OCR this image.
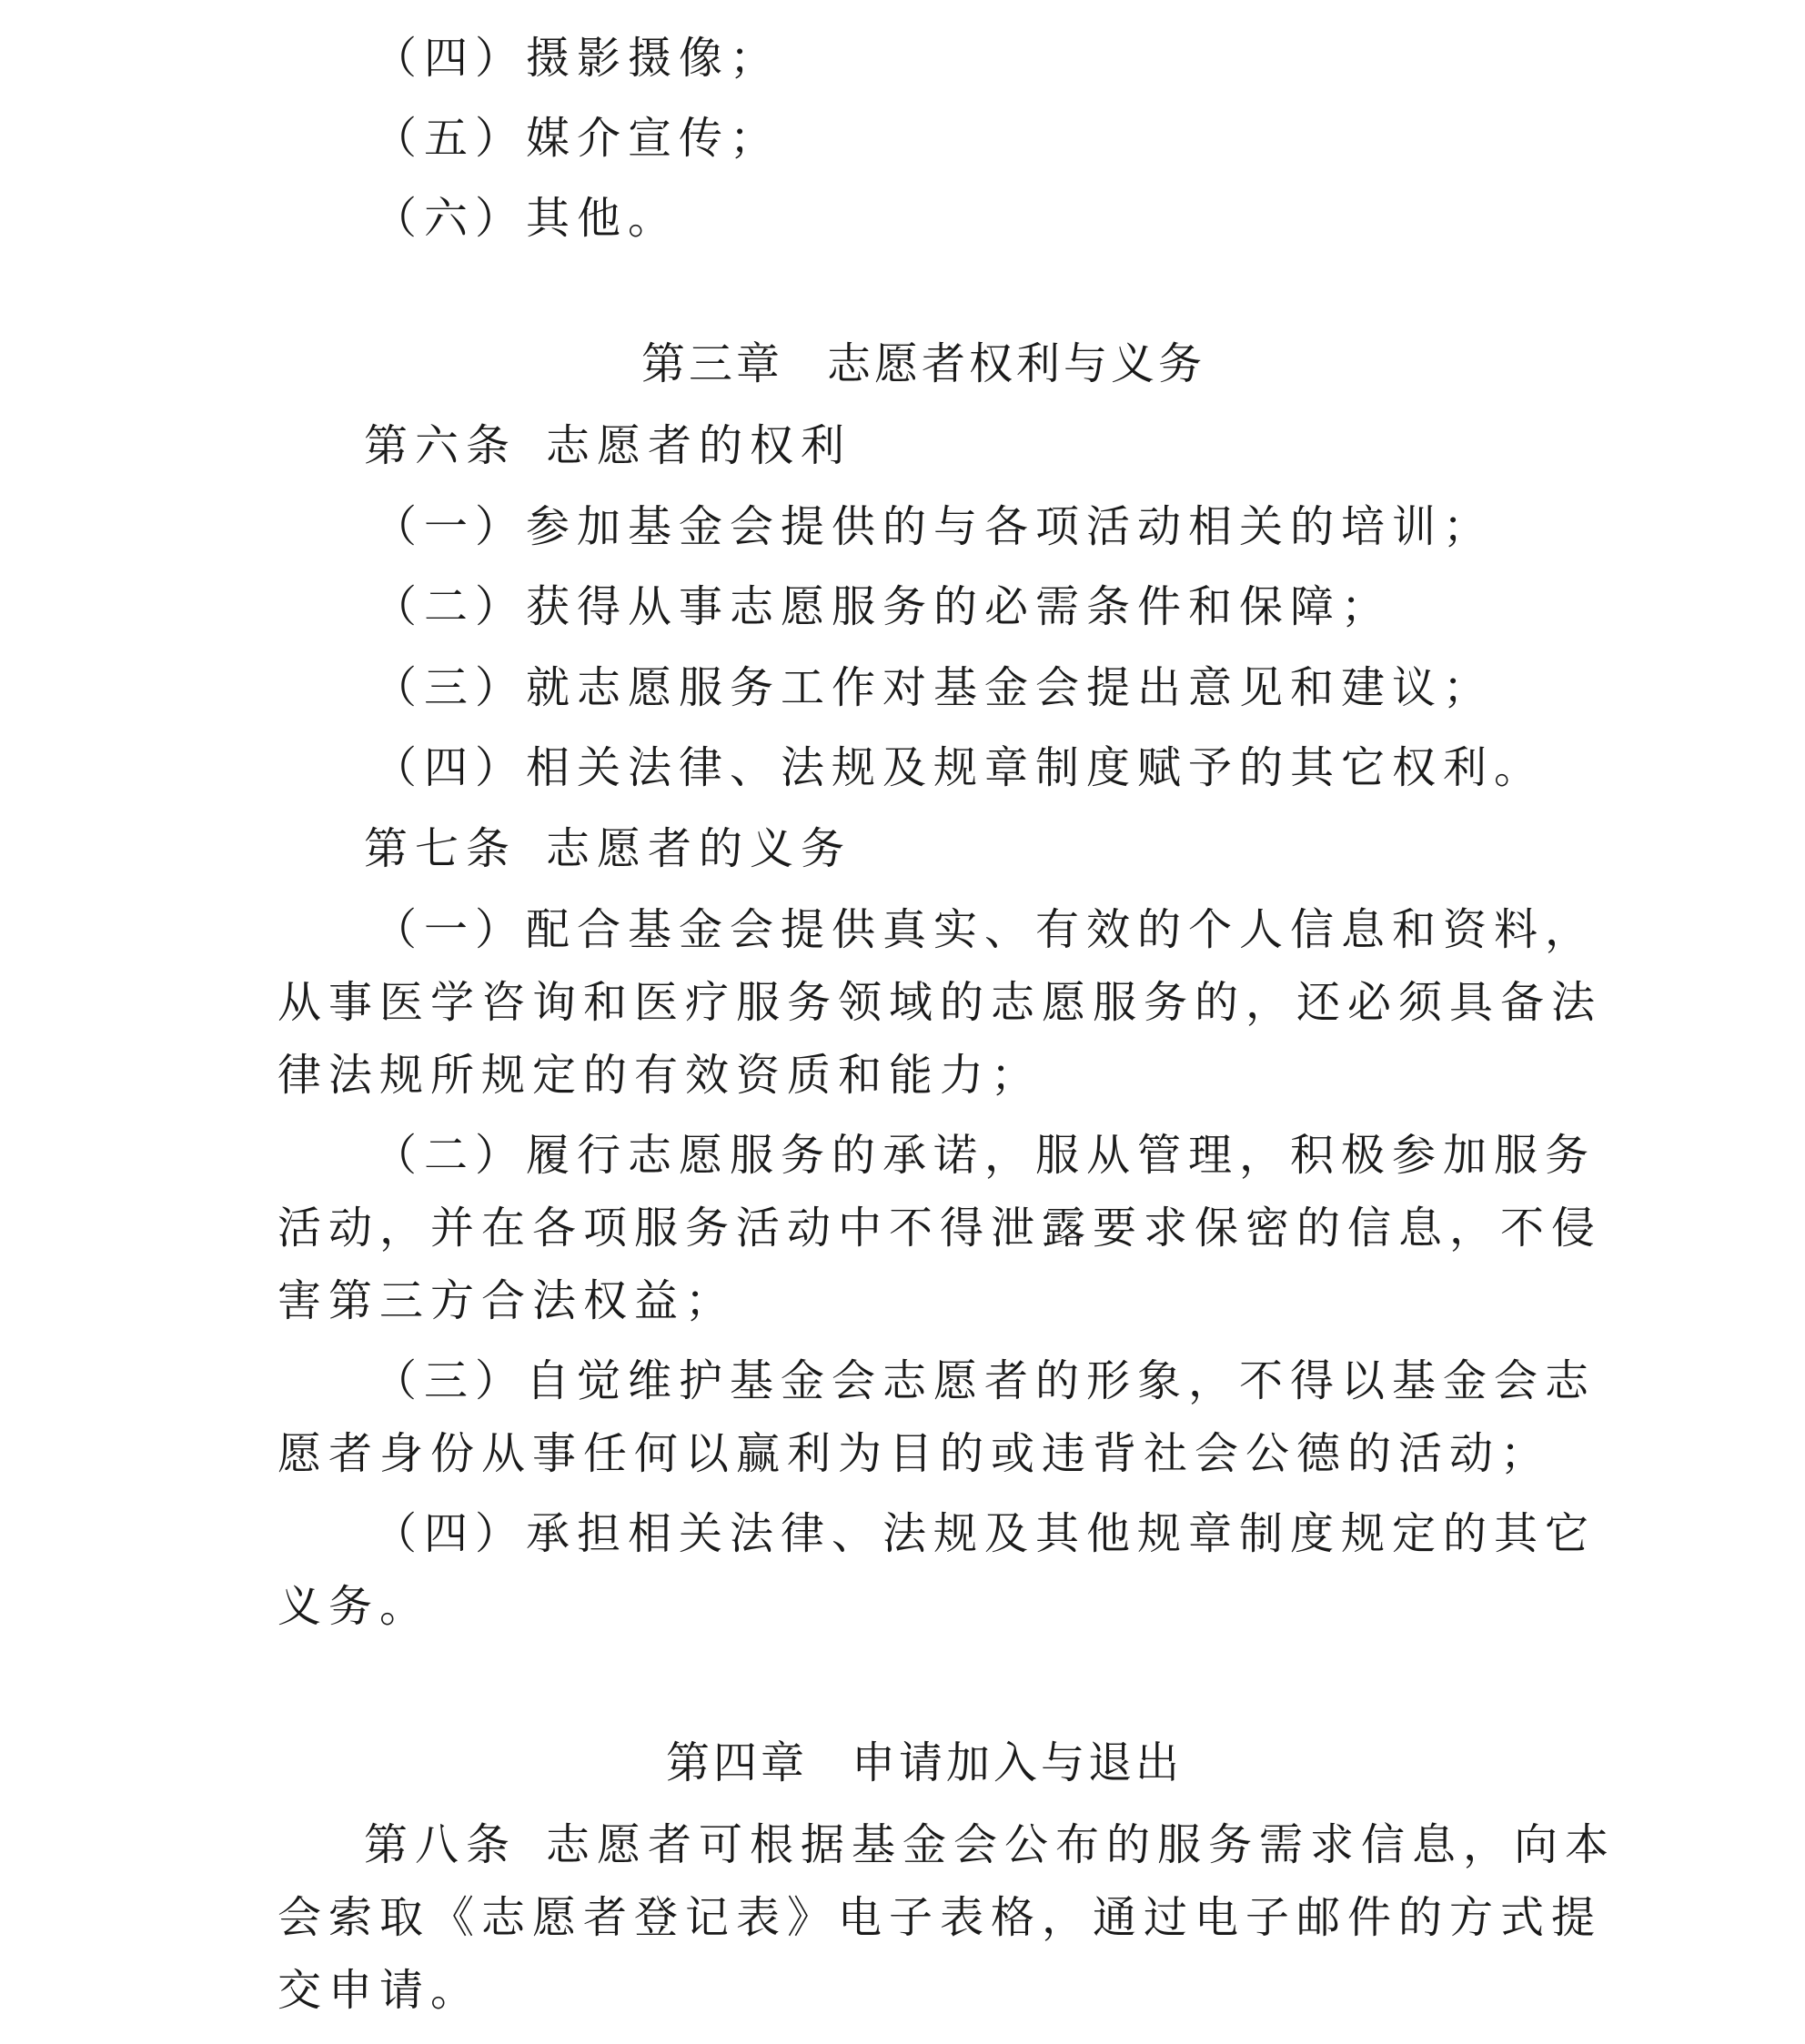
（四）摄影摄像；
（五）媒介宣传；
（六）其他。
第三章 志愿者权利与义务
第六条 志愿者的权利
（一）参加基金会提供的与各项活动相关的培训；
（二）获得从事志愿服务的必需条件和保障；
（三）就志愿服务工作对基金会提出意见和建议；
（四）相关法律、法规及规章制度赋予的其它权利。
第七条 志愿者的义务
（一）配合基金会提供真实、有效的个人信息和资料，
从事医学咨询和医疗服务领域的志愿服务的，还必须具备法
律法规所规定的有效资质和能力；
（二）履行志愿服务的承诺，服从管理，积极参加服务
活动，并在各项服务活动中不得泄露要求保密的信息，不侵
害第三方合法权益；
（三）自觉维护基金会志愿者的形象，不得以基金会志
愿者身份从事任何以赢利为目的或违背社会公德的活动；
（四）承担相关法律、法规及其他规章制度规定的其它
义务。
第四章 申请加入与退出
第八条 志愿者可根据基金会公布的服务需求信息，向本
会索取《志愿者登记表》电子表格，通过电子邮件的方式提
交申请。
